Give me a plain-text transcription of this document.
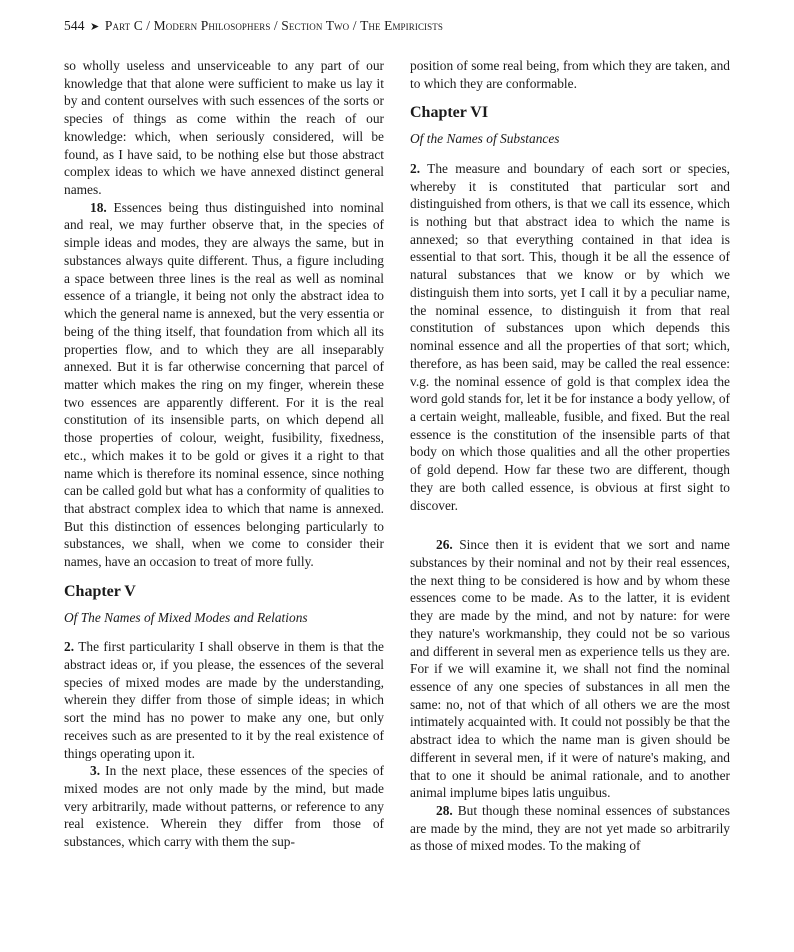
544 ➤ Part C / Modern Philosophers / Section Two / The Empiricists

so wholly useless and unserviceable to any part of our knowledge that that alone were sufficient to make us lay it by and content ourselves with such essences of the sorts or species of things as come within the reach of our knowledge: which, when seriously considered, will be found, as I have said, to be nothing else but those abstract complex ideas to which we have annexed distinct general names.

18. Essences being thus distinguished into nominal and real, we may further observe that, in the species of simple ideas and modes, they are always the same, but in substances always quite different. Thus, a figure including a space between three lines is the real as well as nominal essence of a triangle, it being not only the abstract idea to which the general name is annexed, but the very essentia or being of the thing itself, that foundation from which all its properties flow, and to which they are all inseparably annexed. But it is far otherwise concerning that parcel of matter which makes the ring on my finger, wherein these two essences are apparently different. For it is the real constitution of its insensible parts, on which depend all those properties of colour, weight, fusibility, fixedness, etc., which makes it to be gold or gives it a right to that name which is therefore its nominal essence, since nothing can be called gold but what has a conformity of qualities to that abstract complex idea to which that name is annexed. But this distinction of essences belonging particularly to substances, we shall, when we come to consider their names, have an occasion to treat of more fully.

Chapter V

Of The Names of Mixed Modes and Relations

2. The first particularity I shall observe in them is that the abstract ideas or, if you please, the essences of the several species of mixed modes are made by the understanding, wherein they differ from those of simple ideas; in which sort the mind has no power to make any one, but only receives such as are presented to it by the real existence of things operating upon it.

3. In the next place, these essences of the species of mixed modes are not only made by the mind, but made very arbitrarily, made without patterns, or reference to any real existence. Wherein they differ from those of substances, which carry with them the sup-

position of some real being, from which they are taken, and to which they are conformable.

Chapter VI

Of the Names of Substances

2. The measure and boundary of each sort or species, whereby it is constituted that particular sort and distinguished from others, is that we call its essence, which is nothing but that abstract idea to which the name is annexed; so that everything contained in that idea is essential to that sort. This, though it be all the essence of natural substances that we know or by which we distinguish them into sorts, yet I call it by a peculiar name, the nominal essence, to distinguish it from that real constitution of substances upon which depends this nominal essence and all the properties of that sort; which, therefore, as has been said, may be called the real essence: v.g. the nominal essence of gold is that complex idea the word gold stands for, let it be for instance a body yellow, of a certain weight, malleable, fusible, and fixed. But the real essence is the constitution of the insensible parts of that body on which those qualities and all the other properties of gold depend. How far these two are different, though they are both called essence, is obvious at first sight to discover.

26. Since then it is evident that we sort and name substances by their nominal and not by their real essences, the next thing to be considered is how and by whom these essences come to be made. As to the latter, it is evident they are made by the mind, and not by nature: for were they nature's workmanship, they could not be so various and different in several men as experience tells us they are. For if we will examine it, we shall not find the nominal essence of any one species of substances in all men the same: no, not of that which of all others we are the most intimately acquainted with. It could not possibly be that the abstract idea to which the name man is given should be different in several men, if it were of nature's making, and that to one it should be animal rationale, and to another animal implume bipes latis unguibus.

28. But though these nominal essences of substances are made by the mind, they are not yet made so arbitrarily as those of mixed modes. To the making of
